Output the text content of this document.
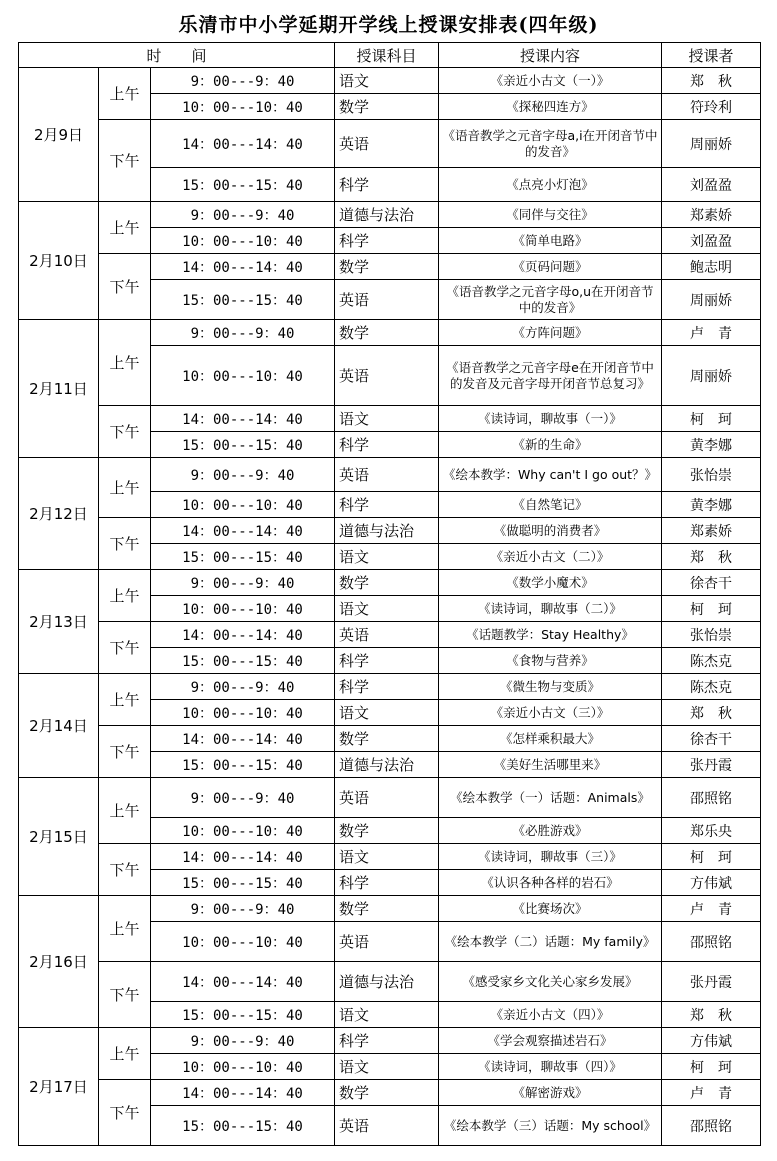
乐清市中小学延期开学线上授课安排表(四年级)
时　　间			授课科目	授课内容	授课者
2月9日	上午	9：00---9：40	语文	《亲近小古文（一）》	郑　秋
		10：00---10：40	数学	《探秘四连方》	符玲利
	下午	14：00---14：40	英语	《语音教学之元音字母a,i在开闭音节中的发音》	周丽娇
		15：00---15：40	科学	《点亮小灯泡》	刘盈盈
2月10日	上午	9：00---9：40	道德与法治	《同伴与交往》	郑素娇
		10：00---10：40	科学	《简单电路》	刘盈盈
	下午	14：00---14：40	数学	《页码问题》	鲍志明
		15：00---15：40	英语	《语音教学之元音字母o,u在开闭音节中的发音》	周丽娇
2月11日	上午	9：00---9：40	数学	《方阵问题》	卢　青
		10：00---10：40	英语	《语音教学之元音字母e在开闭音节中的发音及元音字母开闭音节总复习》	周丽娇
	下午	14：00---14：40	语文	《读诗词，聊故事（一）》	柯　珂
		15：00---15：40	科学	《新的生命》	黄李娜
2月12日	上午	9：00---9：40	英语	《绘本教学：Why can't I go out？》	张怡崇
		10：00---10：40	科学	《自然笔记》	黄李娜
	下午	14：00---14：40	道德与法治	《做聪明的消费者》	郑素娇
		15：00---15：40	语文	《亲近小古文（二）》	郑　秋
2月13日	上午	9：00---9：40	数学	《数学小魔术》	徐杏干
		10：00---10：40	语文	《读诗词，聊故事（二）》	柯　珂
	下午	14：00---14：40	英语	《话题教学：Stay Healthy》	张怡崇
		15：00---15：40	科学	《食物与营养》	陈杰克
2月14日	上午	9：00---9：40	科学	《微生物与变质》	陈杰克
		10：00---10：40	语文	《亲近小古文（三）》	郑　秋
	下午	14：00---14：40	数学	《怎样乘积最大》	徐杏干
		15：00---15：40	道德与法治	《美好生活哪里来》	张丹霞
2月15日	上午	9：00---9：40	英语	《绘本教学（一）话题：Animals》	邵照铭
		10：00---10：40	数学	《必胜游戏》	郑乐央
	下午	14：00---14：40	语文	《读诗词，聊故事（三）》	柯　珂
		15：00---15：40	科学	《认识各种各样的岩石》	方伟斌
2月16日	上午	9：00---9：40	数学	《比赛场次》	卢　青
		10：00---10：40	英语	《绘本教学（二）话题：My family》	邵照铭
	下午	14：00---14：40	道德与法治	《感受家乡文化关心家乡发展》	张丹霞
		15：00---15：40	语文	《亲近小古文（四）》	郑　秋
2月17日	上午	9：00---9：40	科学	《学会观察描述岩石》	方伟斌
		10：00---10：40	语文	《读诗词，聊故事（四）》	柯　珂
	下午	14：00---14：40	数学	《解密游戏》	卢　青
		15：00---15：40	英语	《绘本教学（三）话题：My school》	邵照铭
